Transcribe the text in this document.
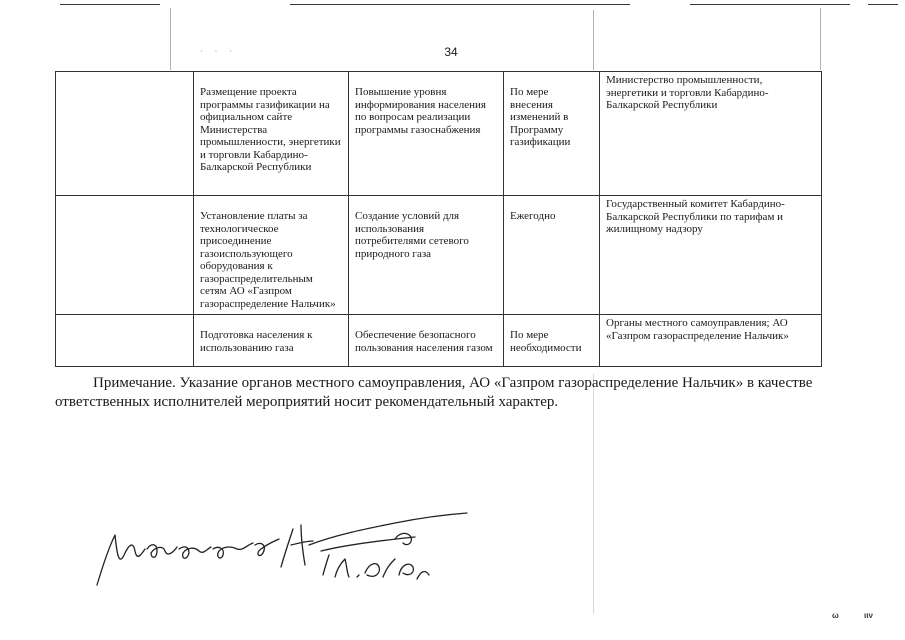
· · ·	34
	Размещение проекта программы газификации на официальном сайте Министерства промышленности, энергетики и торговли Кабардино-Балкарской Республики	Повышение уровня информирования населения по вопросам реализации программы газоснабжения	По мере внесения изменений в Программу газификации	Министерство промышленности, энергетики и торговли Кабардино-Балкарской Республики
	Установление платы за технологическое присоединение газоиспользующего оборудования к газораспределительным сетям АО «Газпром газораспределение Нальчик»	Создание условий для использования потребителями сетевого природного газа	Ежегодно	Государственный комитет Кабардино-Балкарской Республики по тарифам и жилищному надзору
	Подготовка населения к использованию газа	Обеспечение безопасного пользования населения газом	По мере необходимости	Органы местного самоуправления; АО «Газпром газораспределение Нальчик»

Примечание. Указание органов местного самоуправления, АО «Газпром газораспределение Нальчик» в качестве ответственных исполнителей мероприятий носит рекомендательный характер.

ω	ιιν
